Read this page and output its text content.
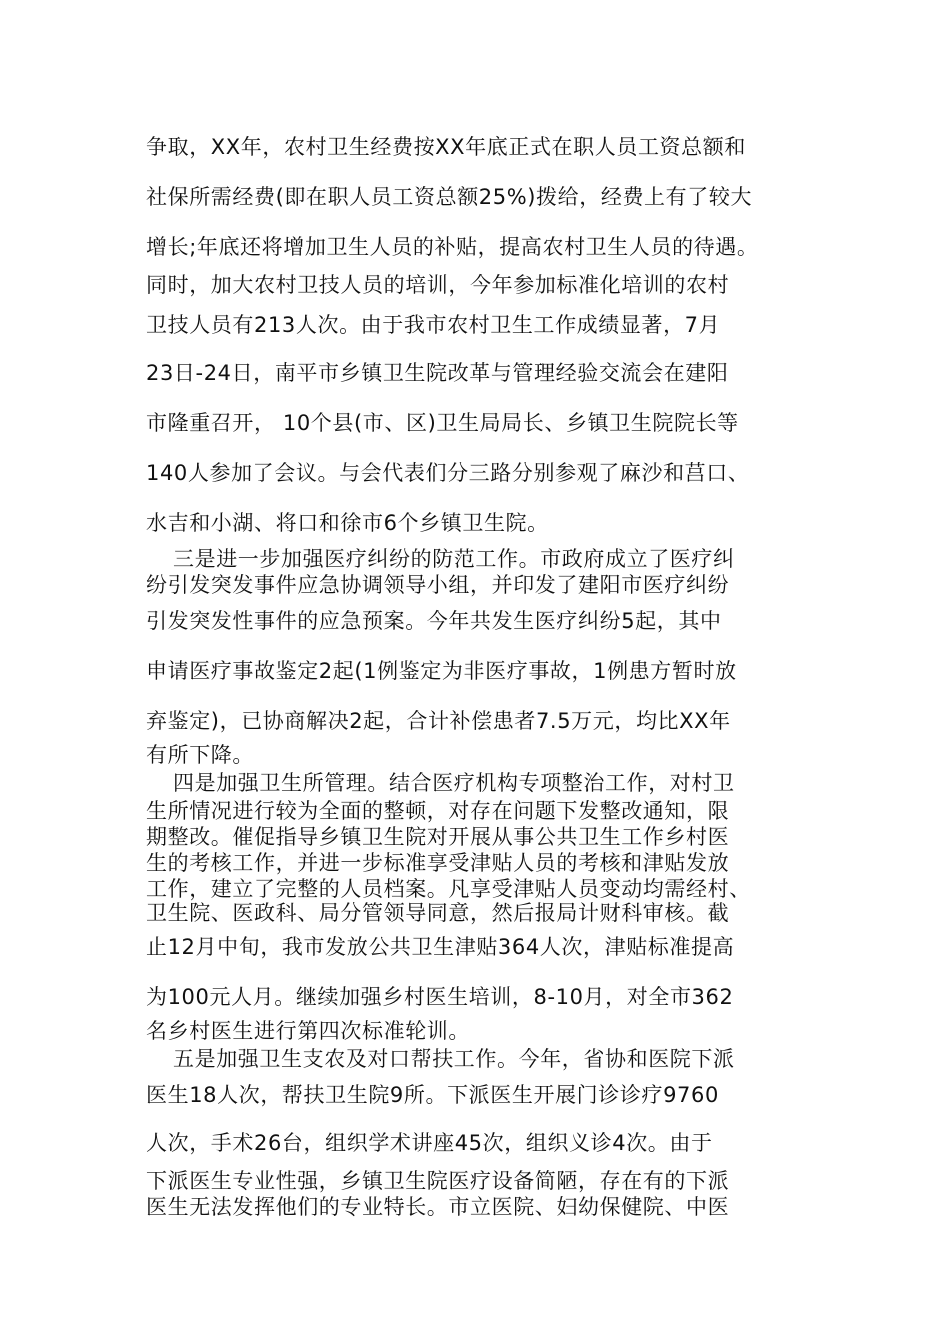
争取，XX年，农村卫生经费按XX年底正式在职人员工资总额和
社保所需经费(即在职人员工资总额25%)拨给，经费上有了较大
增长;年底还将增加卫生人员的补贴，提高农村卫生人员的待遇。
同时，加大农村卫技人员的培训，今年参加标准化培训的农村
卫技人员有213人次。由于我市农村卫生工作成绩显著，7月
23日-24日，南平市乡镇卫生院改革与管理经验交流会在建阳
市隆重召开， 10个县(市、区)卫生局局长、乡镇卫生院院长等
140人参加了会议。与会代表们分三路分别参观了麻沙和莒口、
水吉和小湖、将口和徐市6个乡镇卫生院。
三是进一步加强医疗纠纷的防范工作。市政府成立了医疗纠
纷引发突发事件应急协调领导小组，并印发了建阳市医疗纠纷
引发突发性事件的应急预案。今年共发生医疗纠纷5起，其中
申请医疗事故鉴定2起(1例鉴定为非医疗事故，1例患方暂时放
弃鉴定)，已协商解决2起，合计补偿患者7.5万元，均比XX年
有所下降。
四是加强卫生所管理。结合医疗机构专项整治工作，对村卫
生所情况进行较为全面的整顿，对存在问题下发整改通知，限
期整改。催促指导乡镇卫生院对开展从事公共卫生工作乡村医
生的考核工作，并进一步标准享受津贴人员的考核和津贴发放
工作，建立了完整的人员档案。凡享受津贴人员变动均需经村、
卫生院、医政科、局分管领导同意，然后报局计财科审核。截
止12月中旬，我市发放公共卫生津贴364人次，津贴标准提高
为100元人月。继续加强乡村医生培训，8-10月，对全市362
名乡村医生进行第四次标准轮训。
五是加强卫生支农及对口帮扶工作。今年，省协和医院下派
医生18人次，帮扶卫生院9所。下派医生开展门诊诊疗9760
人次，手术26台，组织学术讲座45次，组织义诊4次。由于
下派医生专业性强，乡镇卫生院医疗设备简陋，存在有的下派
医生无法发挥他们的专业特长。市立医院、妇幼保健院、中医
